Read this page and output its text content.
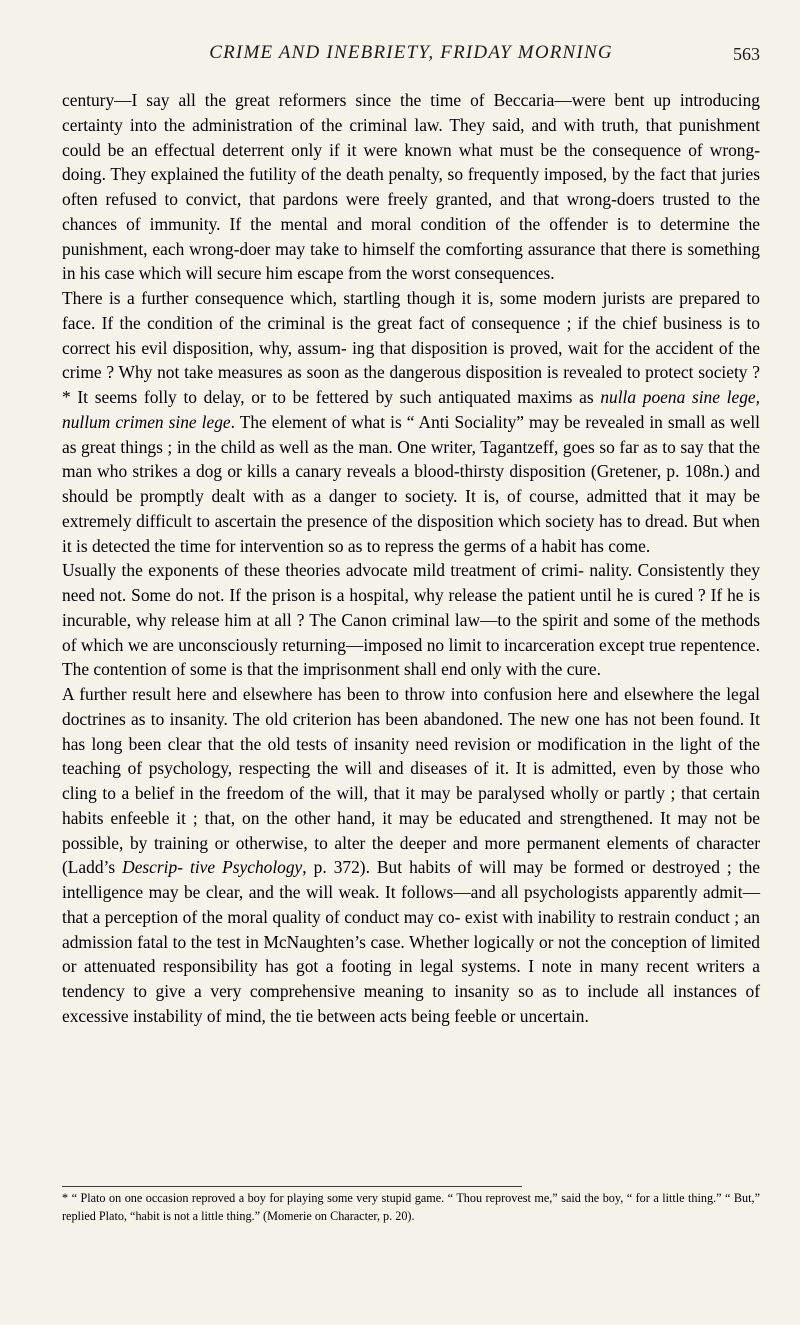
CRIME AND INEBRIETY, FRIDAY MORNING	563

century—I say all the great reformers since the time of Beccaria—were bent up introducing certainty into the administration of the criminal law. They said, and with truth, that punishment could be an effectual deterrent only if it were known what must be the consequence of wrong-doing. They explained the futility of the death penalty, so frequently imposed, by the fact that juries often refused to convict, that pardons were freely granted, and that wrong-doers trusted to the chances of immunity. If the mental and moral condition of the offender is to determine the punishment, each wrong-doer may take to himself the comforting assurance that there is something in his case which will secure him escape from the worst consequences.

There is a further consequence which, startling though it is, some modern jurists are prepared to face. If the condition of the criminal is the great fact of consequence ; if the chief business is to correct his evil disposition, why, assum- ing that disposition is proved, wait for the accident of the crime ? Why not take measures as soon as the dangerous disposition is revealed to protect society ?* It seems folly to delay, or to be fettered by such antiquated maxims as nulla poena sine lege, nullum crimen sine lege. The element of what is “ Anti Sociality” may be revealed in small as well as great things ; in the child as well as the man. One writer, Tagantzeff, goes so far as to say that the man who strikes a dog or kills a canary reveals a blood-thirsty disposition (Gretener, p. 108n.) and should be promptly dealt with as a danger to society. It is, of course, admitted that it may be extremely difficult to ascertain the presence of the disposition which society has to dread. But when it is detected the time for intervention so as to repress the germs of a habit has come.

Usually the exponents of these theories advocate mild treatment of crimi- nality. Consistently they need not. Some do not. If the prison is a hospital, why release the patient until he is cured ? If he is incurable, why release him at all ? The Canon criminal law—to the spirit and some of the methods of which we are unconsciously returning—imposed no limit to incarceration except true repentence. The contention of some is that the imprisonment shall end only with the cure.

A further result here and elsewhere has been to throw into confusion here and elsewhere the legal doctrines as to insanity. The old criterion has been abandoned. The new one has not been found. It has long been clear that the old tests of insanity need revision or modification in the light of the teaching of psychology, respecting the will and diseases of it. It is admitted, even by those who cling to a belief in the freedom of the will, that it may be paralysed wholly or partly ; that certain habits enfeeble it ; that, on the other hand, it may be educated and strengthened. It may not be possible, by training or otherwise, to alter the deeper and more permanent elements of character (Ladd’s Descrip- tive Psychology, p. 372). But habits of will may be formed or destroyed ; the intelligence may be clear, and the will weak. It follows—and all psychologists apparently admit—that a perception of the moral quality of conduct may co- exist with inability to restrain conduct ; an admission fatal to the test in McNaughten’s case. Whether logically or not the conception of limited or attenuated responsibility has got a footing in legal systems. I note in many recent writers a tendency to give a very comprehensive meaning to insanity so as to include all instances of excessive instability of mind, the tie between acts being feeble or uncertain.

* “ Plato on one occasion reproved a boy for playing some very stupid game. “ Thou reprovest me,” said the boy, “ for a little thing.” “ But,” replied Plato, “habit is not a little thing.” (Momerie on Character, p. 20).
